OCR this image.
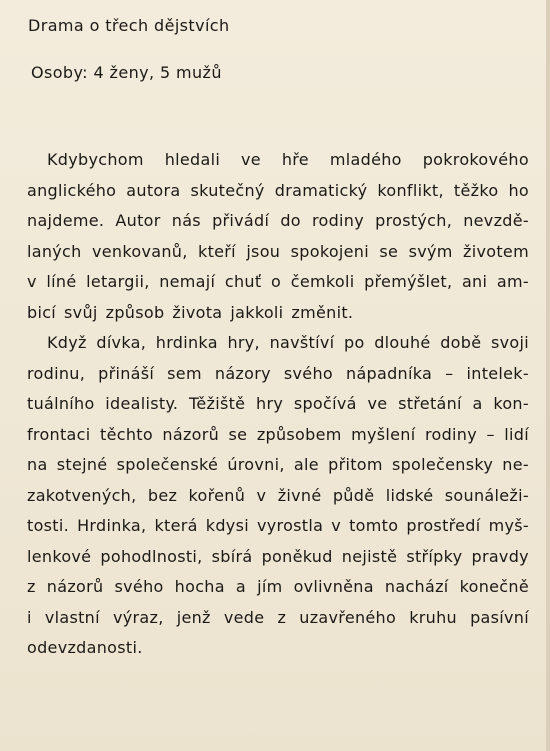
Drama o třech dějstvích
Osoby: 4 ženy, 5 mužů
Kdybychom hledali ve hře mladého pokrokového
anglického autora skutečný dramatický konflikt, těžko ho
najdeme. Autor nás přivádí do rodiny prostých, nevzdě-
laných venkovanů, kteří jsou spokojeni se svým životem
v líné letargii, nemají chuť o čemkoli přemýšlet, ani am-
bicí svůj způsob života jakkoli změnit.
Když dívka, hrdinka hry, navštíví po dlouhé době svoji
rodinu, přináší sem názory svého nápadníka – intelek-
tuálního idealisty. Těžiště hry spočívá ve střetání a kon-
frontaci těchto názorů se způsobem myšlení rodiny – lidí
na stejné společenské úrovni, ale přitom společensky ne-
zakotvených, bez kořenů v živné půdě lidské sounáleži-
tosti. Hrdinka, která kdysi vyrostla v tomto prostředí myš-
lenkové pohodlnosti, sbírá poněkud nejistě střípky pravdy
z názorů svého hocha a jím ovlivněna nachází konečně
i vlastní výraz, jenž vede z uzavřeného kruhu pasívní
odevzdanosti.
